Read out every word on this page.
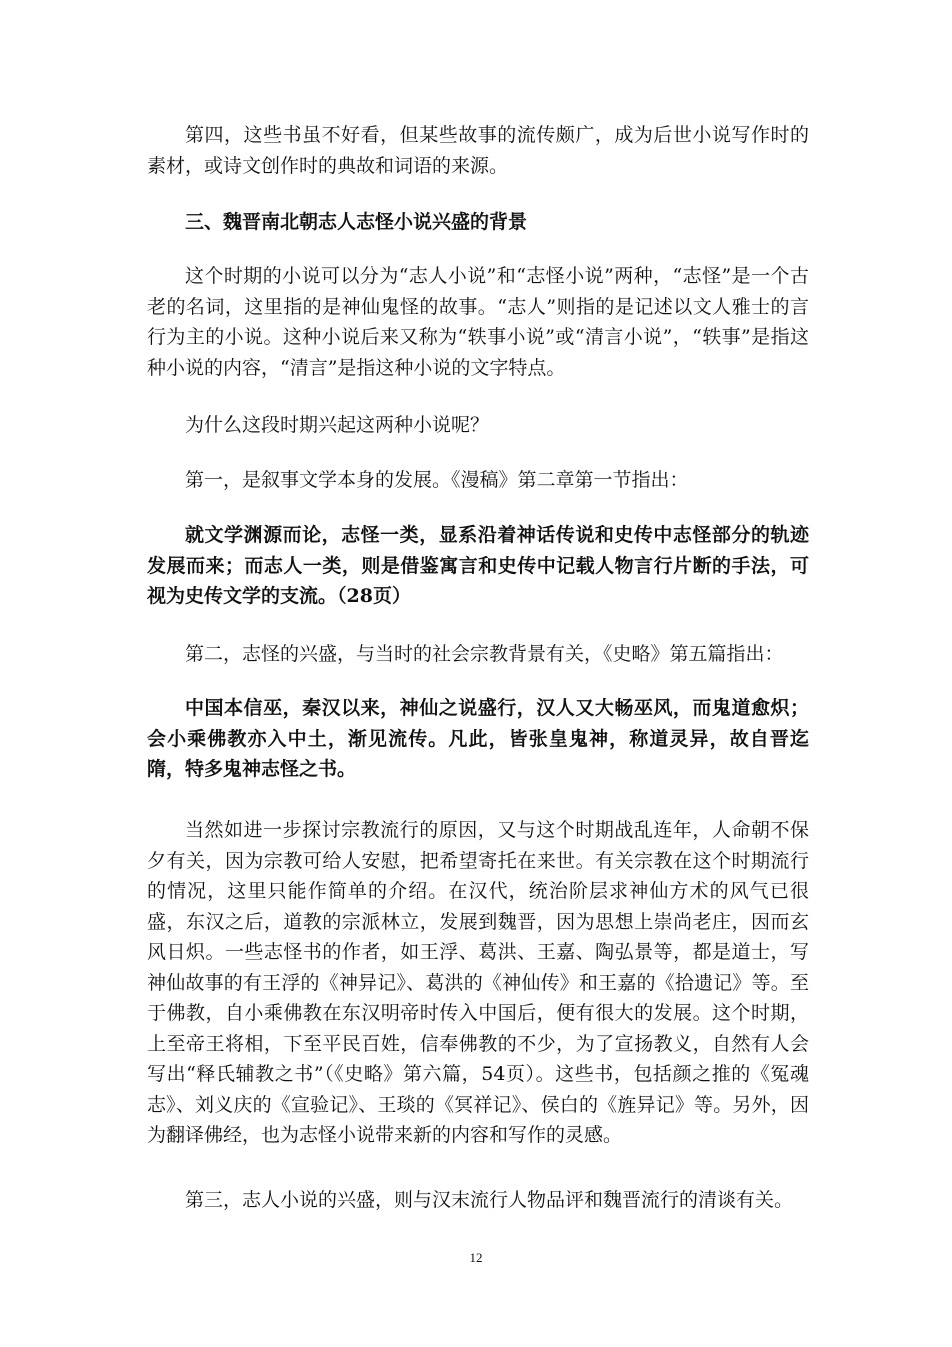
第四，这些书虽不好看，但某些故事的流传颇广，成为后世小说写作时的素材，或诗文创作时的典故和词语的来源。

三、魏晋南北朝志人志怪小说兴盛的背景

这个时期的小说可以分为“志人小说”和“志怪小说”两种，“志怪”是一个古老的名词，这里指的是神仙鬼怪的故事。“志人”则指的是记述以文人雅士的言行为主的小说。这种小说后来又称为“轶事小说”或“清言小说”，“轶事”是指这种小说的内容，“清言”是指这种小说的文字特点。

为什么这段时期兴起这两种小说呢？

第一，是叙事文学本身的发展。《漫稿》第二章第一节指出：

就文学渊源而论，志怪一类，显系沿着神话传说和史传中志怪部分的轨迹发展而来；而志人一类，则是借鉴寓言和史传中记载人物言行片断的手法，可视为史传文学的支流。（28页）

第二，志怪的兴盛，与当时的社会宗教背景有关，《史略》第五篇指出：

中国本信巫，秦汉以来，神仙之说盛行，汉人又大畅巫风，而鬼道愈炽；会小乘佛教亦入中土，渐见流传。凡此，皆张皇鬼神，称道灵异，故自晋迄隋，特多鬼神志怪之书。

当然如进一步探讨宗教流行的原因，又与这个时期战乱连年，人命朝不保夕有关，因为宗教可给人安慰，把希望寄托在来世。有关宗教在这个时期流行的情况，这里只能作简单的介绍。在汉代，统治阶层求神仙方术的风气已很盛，东汉之后，道教的宗派林立，发展到魏晋，因为思想上崇尚老庄，因而玄风日炽。一些志怪书的作者，如王浮、葛洪、王嘉、陶弘景等，都是道士，写神仙故事的有王浮的《神异记》、葛洪的《神仙传》和王嘉的《拾遗记》等。至于佛教，自小乘佛教在东汉明帝时传入中国后，便有很大的发展。这个时期，上至帝王将相，下至平民百姓，信奉佛教的不少，为了宣扬教义，自然有人会写出“释氏辅教之书”（《史略》第六篇，54页）。这些书，包括颜之推的《冤魂志》、刘义庆的《宣验记》、王琰的《冥祥记》、侯白的《旌异记》等。另外，因为翻译佛经，也为志怪小说带来新的内容和写作的灵感。

第三，志人小说的兴盛，则与汉末流行人物品评和魏晋流行的清谈有关。

12
